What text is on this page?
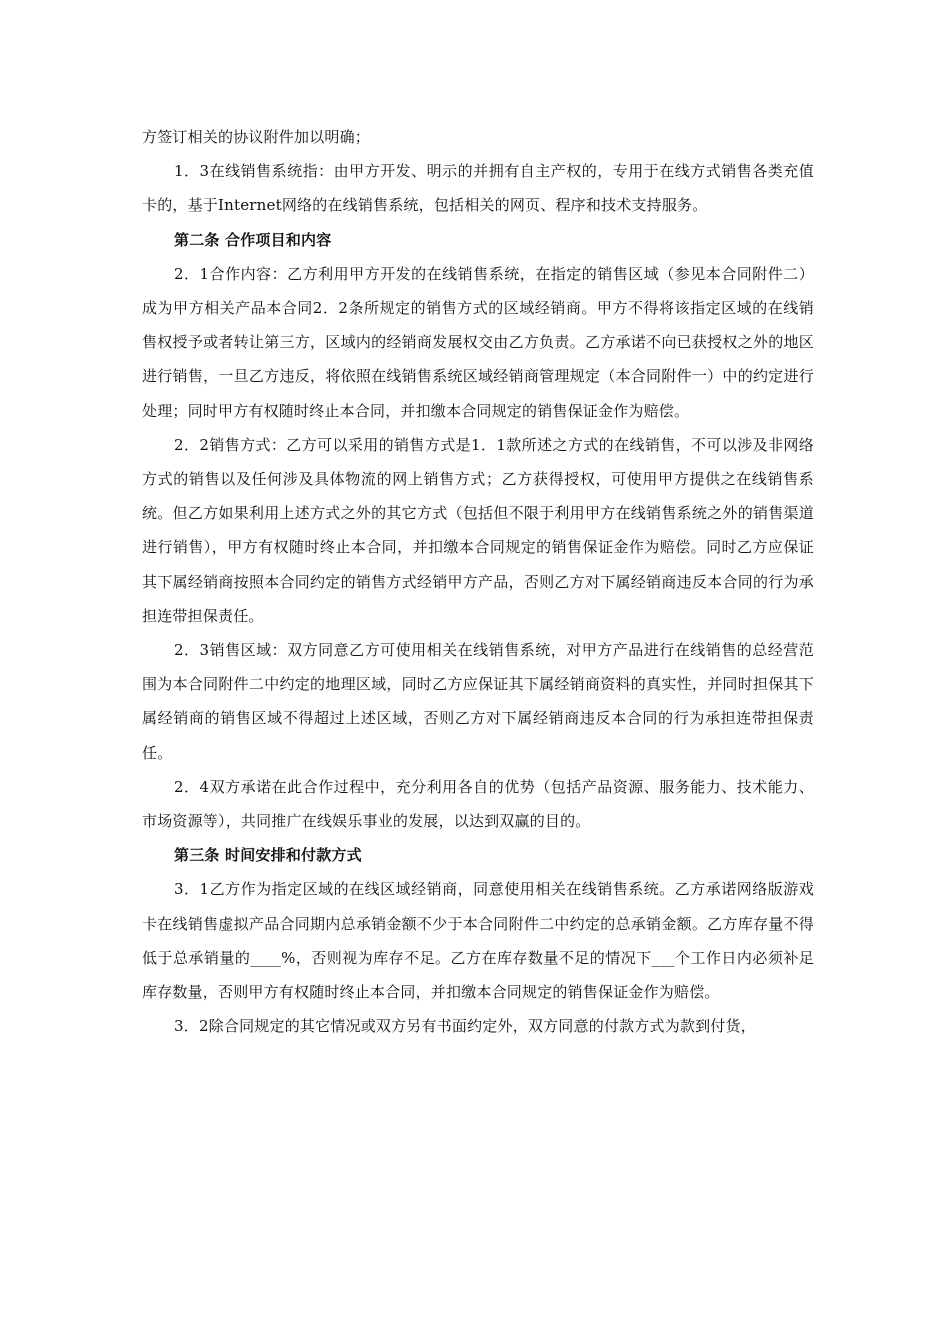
方签订相关的协议附件加以明确；

1．3在线销售系统指：由甲方开发、明示的并拥有自主产权的，专用于在线方式销售各类充值卡的，基于Internet网络的在线销售系统，包括相关的网页、程序和技术支持服务。

第二条 合作项目和内容

2．1合作内容：乙方利用甲方开发的在线销售系统，在指定的销售区域（参见本合同附件二）成为甲方相关产品本合同2．2条所规定的销售方式的区域经销商。甲方不得将该指定区域的在线销售权授予或者转让第三方，区域内的经销商发展权交由乙方负责。乙方承诺不向已获授权之外的地区进行销售，一旦乙方违反，将依照在线销售系统区域经销商管理规定（本合同附件一）中的约定进行处理；同时甲方有权随时终止本合同，并扣缴本合同规定的销售保证金作为赔偿。

2．2销售方式：乙方可以采用的销售方式是1．1款所述之方式的在线销售，不可以涉及非网络方式的销售以及任何涉及具体物流的网上销售方式；乙方获得授权，可使用甲方提供之在线销售系统。但乙方如果利用上述方式之外的其它方式（包括但不限于利用甲方在线销售系统之外的销售渠道进行销售），甲方有权随时终止本合同，并扣缴本合同规定的销售保证金作为赔偿。同时乙方应保证其下属经销商按照本合同约定的销售方式经销甲方产品，否则乙方对下属经销商违反本合同的行为承担连带担保责任。

2．3销售区域：双方同意乙方可使用相关在线销售系统，对甲方产品进行在线销售的总经营范围为本合同附件二中约定的地理区域，同时乙方应保证其下属经销商资料的真实性，并同时担保其下属经销商的销售区域不得超过上述区域，否则乙方对下属经销商违反本合同的行为承担连带担保责任。

2．4双方承诺在此合作过程中，充分利用各自的优势（包括产品资源、服务能力、技术能力、市场资源等），共同推广在线娱乐事业的发展，以达到双赢的目的。

第三条 时间安排和付款方式

3．1乙方作为指定区域的在线区域经销商，同意使用相关在线销售系统。乙方承诺网络版游戏卡在线销售虚拟产品合同期内总承销金额不少于本合同附件二中约定的总承销金额。乙方库存量不得低于总承销量的____%，否则视为库存不足。乙方在库存数量不足的情况下___个工作日内必须补足库存数量，否则甲方有权随时终止本合同，并扣缴本合同规定的销售保证金作为赔偿。

3．2除合同规定的其它情况或双方另有书面约定外，双方同意的付款方式为款到付货，
